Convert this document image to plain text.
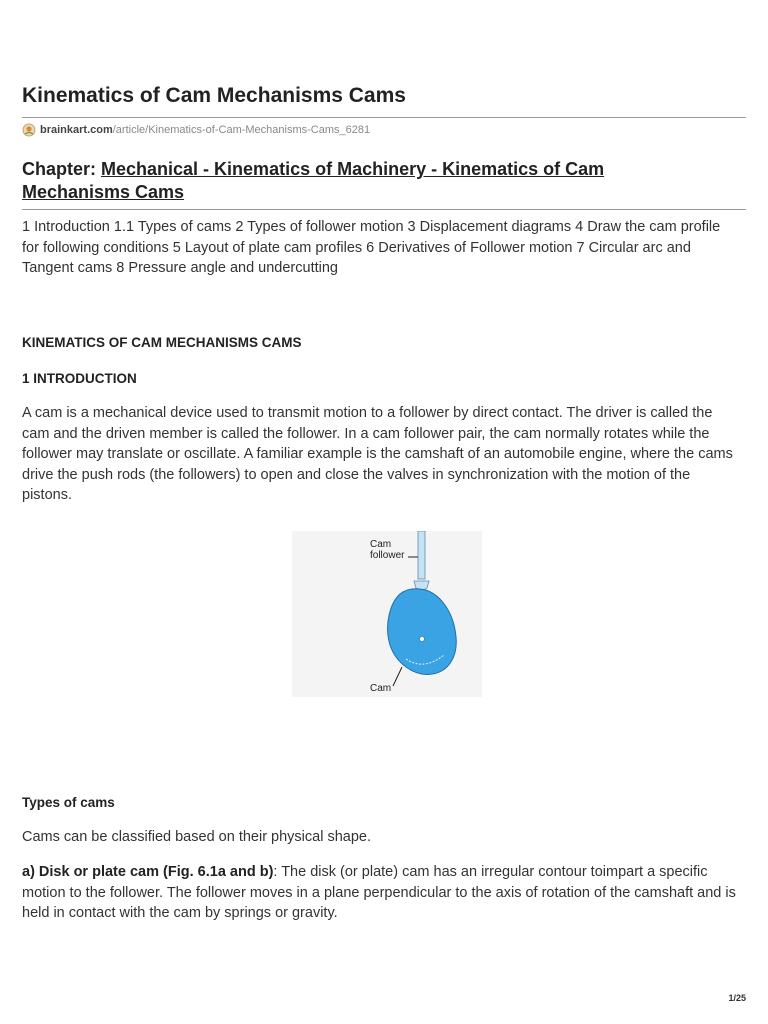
Kinematics of Cam Mechanisms Cams
brainkart.com /article/Kinematics-of-Cam-Mechanisms-Cams_6281
Chapter: Mechanical - Kinematics of Machinery - Kinematics of Cam Mechanisms Cams

1 Introduction 1.1 Types of cams 2 Types of follower motion 3 Displacement diagrams 4 Draw the cam profile for following conditions 5 Layout of plate cam profiles 6 Derivatives of Follower motion 7 Circular arc and Tangent cams 8 Pressure angle and undercutting

KINEMATICS OF CAM MECHANISMS CAMS
1 INTRODUCTION

A cam is a mechanical device used to transmit motion to a follower by direct contact. The driver is called the cam and the driven member is called the follower. In a cam follower pair, the cam normally rotates while the follower may translate or oscillate. A familiar example is the camshaft of an automobile engine, where the cams drive the push rods (the followers) to open and close the valves in synchronization with the motion of the pistons.

Cam
follower
Cam
Types of cams

Cams can be classified based on their physical shape.

a) Disk or plate cam (Fig. 6.1a and b): The disk (or plate) cam has an irregular contour toimpart a specific motion to the follower. The follower moves in a plane perpendicular to the axis of rotation of the camshaft and is held in contact with the cam by springs or gravity.

1/25
